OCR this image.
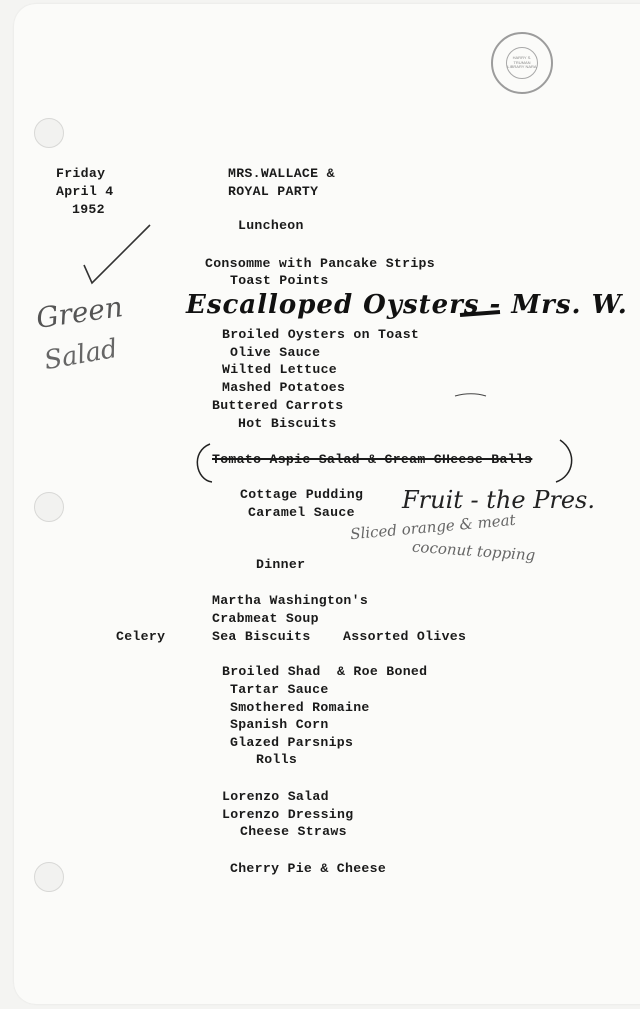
HARRY S. TRUMAN LIBRARY NARA
Friday
April 4
1952
MRS.WALLACE &
ROYAL PARTY
Luncheon
Consomme with Pancake Strips
Toast Points
Broiled Oysters on Toast
Olive Sauce
Wilted Lettuce
Mashed Potatoes
Buttered Carrots
Hot Biscuits
Tomato Aspic Salad & Cream CHeese Balls
Cottage Pudding
Caramel Sauce
Dinner
Martha Washington's
Crabmeat Soup
Celery	Sea Biscuits Assorted Olives
Broiled Shad  & Roe Boned
Tartar Sauce
Smothered Romaine
Spanish Corn
Glazed Parsnips
Rolls
Lorenzo Salad
Lorenzo Dressing
Cheese Straws
Cherry Pie & Cheese
Green
Salad
Escalloped Oysters - Mrs. W.
Fruit - the Pres.
Sliced orange & meat
coconut topping
